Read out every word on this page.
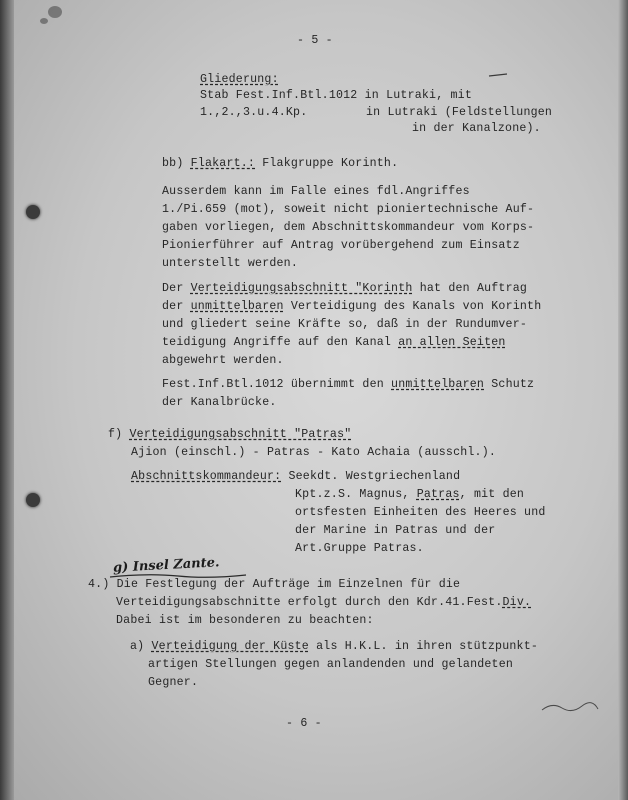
- 5 -
Gliederung:
Stab Fest.Inf.Btl.1012 in Lutraki, mit
1.,2.,3.u.4.Kp.	in Lutraki (Feldstellungen
in der Kanalzone).
bb) Flakart.: Flakgruppe Korinth.
Ausserdem kann im Falle eines fdl.Angriffes
1./Pi.659 (mot), soweit nicht pioniertechnische Auf-
gaben vorliegen, dem Abschnittskommandeur vom Korps-
Pionierführer auf Antrag vorübergehend zum Einsatz
unterstellt werden.
Der Verteidigungsabschnitt "Korinth hat den Auftrag
der unmittelbaren Verteidigung des Kanals von Korinth
und gliedert seine Kräfte so, daß in der Rundumver-
teidigung Angriffe auf den Kanal an allen Seiten
abgewehrt werden.
Fest.Inf.Btl.1012 übernimmt den unmittelbaren Schutz
der Kanalbrücke.
f) Verteidigungsabschnitt "Patras"
Ajion (einschl.) - Patras - Kato Achaia (ausschl.).
Abschnittskommandeur: Seekdt. Westgriechenland
Kpt.z.S. Magnus, Patras, mit den
ortsfesten Einheiten des Heeres und
der Marine in Patras und der
Art.Gruppe Patras.
g) Insel Zante.
4.) Die Festlegung der Aufträge im Einzelnen für die
Verteidigungsabschnitte erfolgt durch den Kdr.41.Fest.Div.
Dabei ist im besonderen zu beachten:
a) Verteidigung der Küste als H.K.L. in ihren stützpunkt-
artigen Stellungen gegen anlandenden und gelandeten
Gegner.
- 6 -
